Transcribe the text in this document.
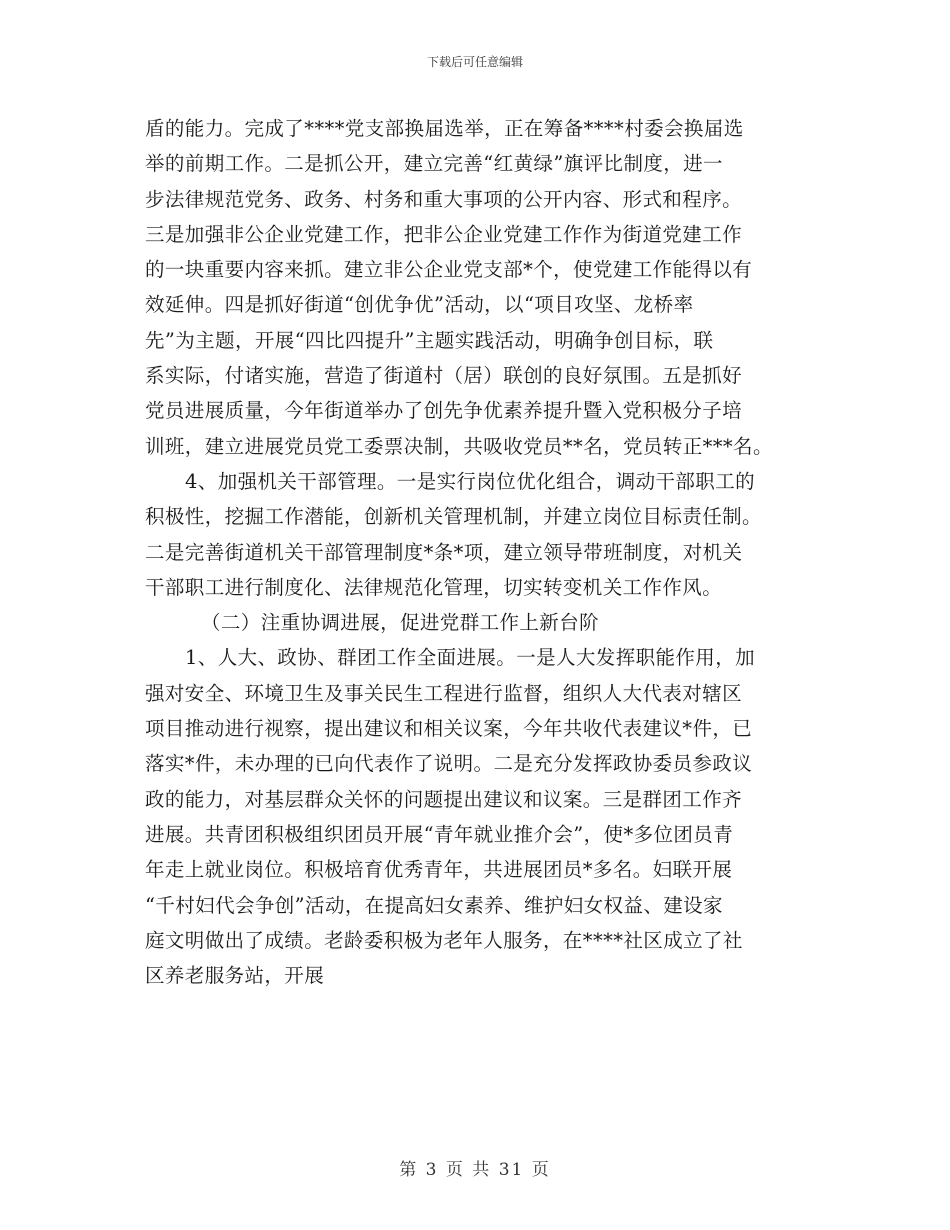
下载后可任意编辑
盾的能力。完成了****党支部换届选举，正在筹备****村委会换届选
举的前期工作。二是抓公开，建立完善“红黄绿”旗评比制度，进一
步法律规范党务、政务、村务和重大事项的公开内容、形式和程序。
三是加强非公企业党建工作，把非公企业党建工作作为街道党建工作
的一块重要内容来抓。建立非公企业党支部*个，使党建工作能得以有
效延伸。四是抓好街道“创优争优”活动，以“项目攻坚、龙桥率
先”为主题，开展“四比四提升”主题实践活动，明确争创目标，联
系实际，付诸实施，营造了街道村（居）联创的良好氛围。五是抓好
党员进展质量，今年街道举办了创先争优素养提升暨入党积极分子培
训班，建立进展党员党工委票决制，共吸收党员**名，党员转正***名。
4、加强机关干部管理。一是实行岗位优化组合，调动干部职工的
积极性，挖掘工作潜能，创新机关管理机制，并建立岗位目标责任制。
二是完善街道机关干部管理制度*条*项，建立领导带班制度，对机关
干部职工进行制度化、法律规范化管理，切实转变机关工作作风。
（二）注重协调进展，促进党群工作上新台阶
1、人大、政协、群团工作全面进展。一是人大发挥职能作用，加
强对安全、环境卫生及事关民生工程进行监督，组织人大代表对辖区
项目推动进行视察，提出建议和相关议案，今年共收代表建议*件，已
落实*件，未办理的已向代表作了说明。二是充分发挥政协委员参政议
政的能力，对基层群众关怀的问题提出建议和议案。三是群团工作齐
进展。共青团积极组织团员开展“青年就业推介会”，使*多位团员青
年走上就业岗位。积极培育优秀青年，共进展团员*多名。妇联开展
“千村妇代会争创”活动，在提高妇女素养、维护妇女权益、建设家
庭文明做出了成绩。老龄委积极为老年人服务，在****社区成立了社
区养老服务站，开展
第 3 页 共 31 页
